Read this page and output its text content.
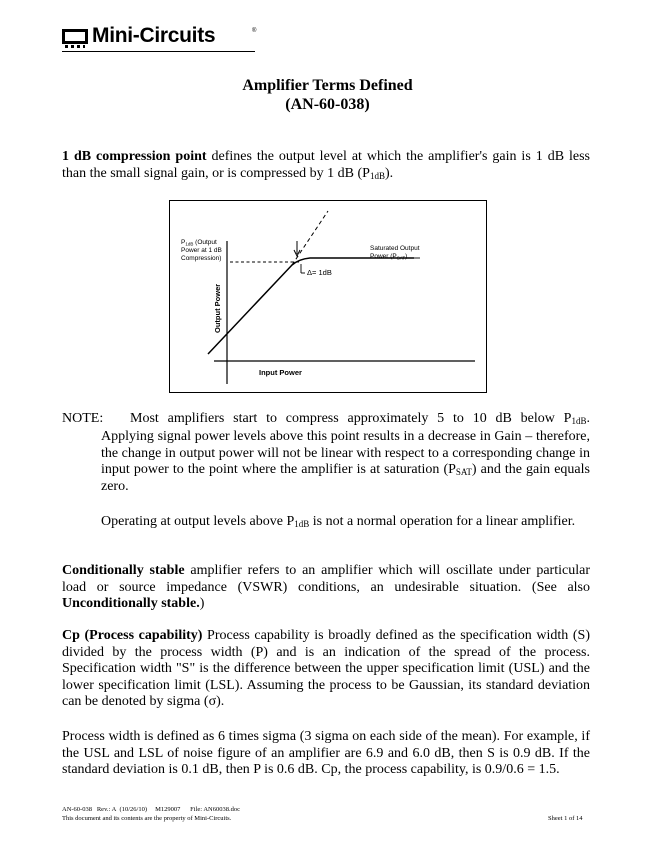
Mini-Circuits	®
Amplifier Terms Defined
(AN-60-038)
1 dB compression point defines the output level at which the amplifier's gain is 1 dB less than the small signal gain, or is compressed by 1 dB $(P_{1dB})$.
$P_{1dB}$ (Output
Power at 1 dB
Compression)
Saturated Output
Power $(P_{SAT})$
Δ= 1dB
Output Power
Input Power
NOTE: Most amplifiers start to compress approximately 5 to 10 dB below $P_{1dB}$.
Applying signal power levels above this point results in a decrease in Gain – therefore, the change in output power will not be linear with respect to a corresponding change in input power to the point where the amplifier is at saturation $(P_{SAT})$ and the gain equals zero.
Operating at output levels above $P_{1dB}$ is not a normal operation for a linear amplifier.
Conditionally stable amplifier refers to an amplifier which will oscillate under particular load or source impedance (VSWR) conditions, an undesirable situation. (See also Unconditionally stable.)
Cp (Process capability) Process capability is broadly defined as the specification width (S) divided by the process width (P) and is an indication of the spread of the process. Specification width "S" is the difference between the upper specification limit (USL) and the lower specification limit (LSL). Assuming the process to be Gaussian, its standard deviation can be denoted by sigma (σ).
Process width is defined as 6 times sigma (3 sigma on each side of the mean). For example, if the USL and LSL of noise figure of an amplifier are 6.9 and 6.0 dB, then S is 0.9 dB. If the standard deviation is 0.1 dB, then P is 0.6 dB. Cp, the process capability, is 0.9/0.6 = 1.5.
AN-60-038 Rev.: A (10/26/10) M129007 File: AN60038.doc
This document and its contents are the property of Mini-Circuits.	Sheet 1 of 14
